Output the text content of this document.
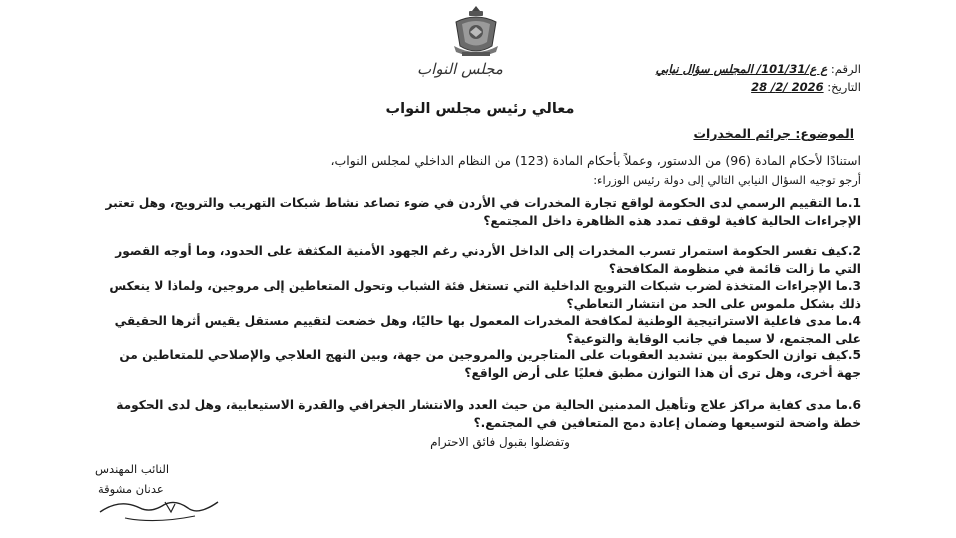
مجلس النواب	الرقم: ع ع/101/31/ المجلس سؤال نيابي
التاريخ: 2026 /2/ 28
معالي رئيس مجلس النواب
الموضوع: جرائم المخدرات
استنادًا لأحكام المادة (96) من الدستور، وعملاً بأحكام المادة (123) من النظام الداخلي لمجلس النواب،
أرجو توجيه السؤال النيابي التالي إلى دولة رئيس الوزراء:
1.ما التقييم الرسمي لدى الحكومة لواقع تجارة المخدرات في الأردن في ضوء تصاعد نشاط شبكات التهريب والترويج، وهل تعتبر الإجراءات الحالية كافية لوقف تمدد هذه الظاهرة داخل المجتمع؟
2.كيف تفسر الحكومة استمرار تسرب المخدرات إلى الداخل الأردني رغم الجهود الأمنية المكثفة على الحدود، وما أوجه القصور التي ما زالت قائمة في منظومة المكافحة؟
3.ما الإجراءات المتخذة لضرب شبكات الترويج الداخلية التي تستغل فئة الشباب وتحول المتعاطين إلى مروجين، ولماذا لا ينعكس ذلك بشكل ملموس على الحد من انتشار التعاطي؟
4.ما مدى فاعلية الاستراتيجية الوطنية لمكافحة المخدرات المعمول بها حاليًا، وهل خضعت لتقييم مستقل يقيس أثرها الحقيقي على المجتمع، لا سيما في جانب الوقاية والتوعية؟
5.كيف توازن الحكومة بين تشديد العقوبات على المتاجرين والمروجين من جهة، وبين النهج العلاجي والإصلاحي للمتعاطين من جهة أخرى، وهل ترى أن هذا التوازن مطبق فعليًا على أرض الواقع؟
6.ما مدى كفاية مراكز علاج وتأهيل المدمنين الحالية من حيث العدد والانتشار الجغرافي والقدرة الاستيعابية، وهل لدى الحكومة خطة واضحة لتوسيعها وضمان إعادة دمج المتعافين في المجتمع.؟
وتفضلوا بقبول فائق الاحترام
النائب المهندس
عدنان مشوقة
